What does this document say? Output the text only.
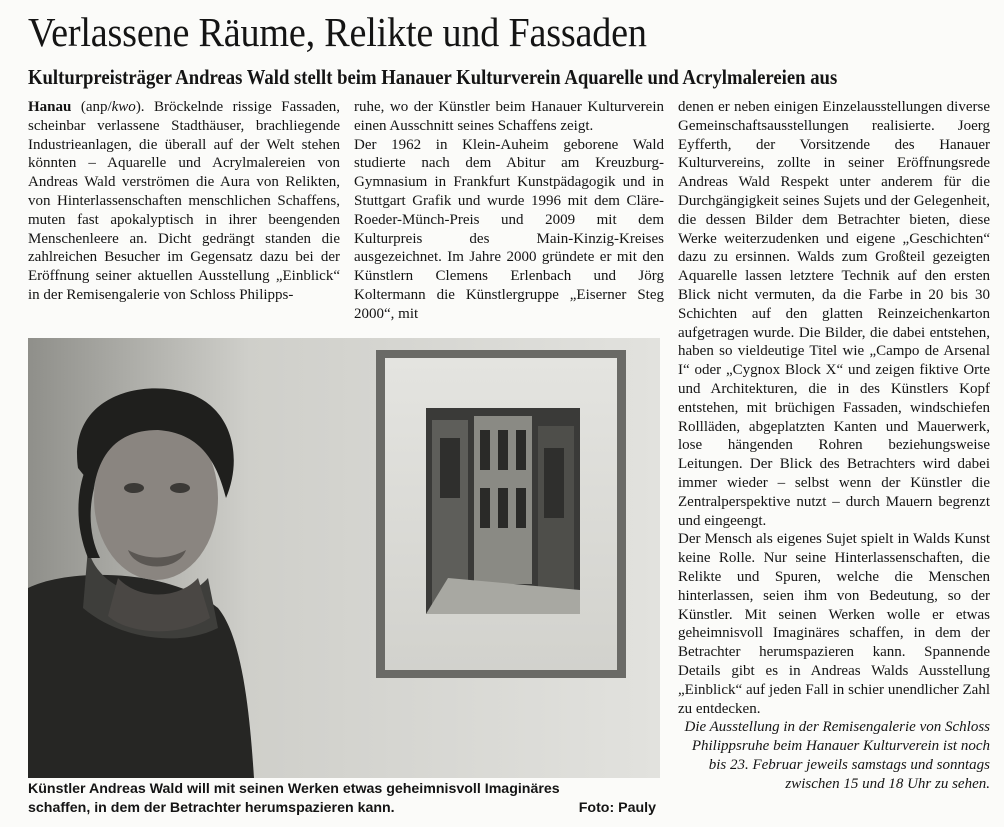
Verlassene Räume, Relikte und Fassaden
Kulturpreisträger Andreas Wald stellt beim Hanauer Kulturverein Aquarelle und Acrylmalereien aus

Hanau (anp/kwo). Bröckelnde rissige Fassaden, scheinbar verlassene Stadthäuser, brachliegende Industrieanlagen, die überall auf der Welt stehen könnten – Aquarelle und Acrylmalereien von Andreas Wald verströmen die Aura von Relikten, von Hinterlassenschaften menschlichen Schaffens, muten fast apokalyptisch in ihrer beengenden Menschenleere an. Dicht gedrängt standen die zahlreichen Besucher im Gegensatz dazu bei der Eröffnung seiner aktuellen Ausstellung „Einblick“ in der Remisengalerie von Schloss Philipps-

ruhe, wo der Künstler beim Hanauer Kulturverein einen Ausschnitt seines Schaffens zeigt.

Der 1962 in Klein-Auheim geborene Wald studierte nach dem Abitur am Kreuzburg-Gymnasium in Frankfurt Kunstpädagogik und in Stuttgart Grafik und wurde 1996 mit dem Cläre-Roeder-Münch-Preis und 2009 mit dem Kulturpreis des Main-Kinzig-Kreises ausgezeichnet. Im Jahre 2000 gründete er mit den Künstlern Clemens Erlenbach und Jörg Koltermann die Künstlergruppe „Eiserner Steg 2000“, mit

denen er neben einigen Einzelausstellungen diverse Gemeinschaftsausstellungen realisierte. Joerg Eyfferth, der Vorsitzende des Hanauer Kulturvereins, zollte in seiner Eröffnungsrede Andreas Wald Respekt unter anderem für die Durchgängigkeit seines Sujets und der Gelegenheit, die dessen Bilder dem Betrachter bieten, diese Werke weiterzudenken und eigene „Geschichten“ dazu zu ersinnen. Walds zum Großteil gezeigten Aquarelle lassen letztere Technik auf den ersten Blick nicht vermuten, da die Farbe in 20 bis 30 Schichten auf den glatten Reinzeichenkarton aufgetragen wurde. Die Bilder, die dabei entstehen, haben so vieldeutige Titel wie „Campo de Arsenal I“ oder „Cygnox Block X“ und zeigen fiktive Orte und Architekturen, die in des Künstlers Kopf entstehen, mit brüchigen Fassaden, windschiefen Rollläden, abgeplatzten Kanten und Mauerwerk, lose hängenden Rohren beziehungsweise Leitungen. Der Blick des Betrachters wird dabei immer wieder – selbst wenn der Künstler die Zentralperspektive nutzt – durch Mauern begrenzt und eingeengt.

Der Mensch als eigenes Sujet spielt in Walds Kunst keine Rolle. Nur seine Hinterlassenschaften, die Relikte und Spuren, welche die Menschen hinterlassen, seien ihm von Bedeutung, so der Künstler. Mit seinen Werken wolle er etwas geheimnisvoll Imaginäres schaffen, in dem der Betrachter herumspazieren kann. Spannende Details gibt es in Andreas Walds Ausstellung „Einblick“ auf jeden Fall in schier unendlicher Zahl zu entdecken.

Die Ausstellung in der Remisengalerie von Schloss Philippsruhe beim Hanauer Kulturverein ist noch bis 23. Februar jeweils samstags und sonntags zwischen 15 und 18 Uhr zu sehen.

Künstler Andreas Wald will mit seinen Werken etwas geheimnisvoll Imaginäres
schaffen, in dem der Betrachter herumspazieren kann.	Foto: Pauly
